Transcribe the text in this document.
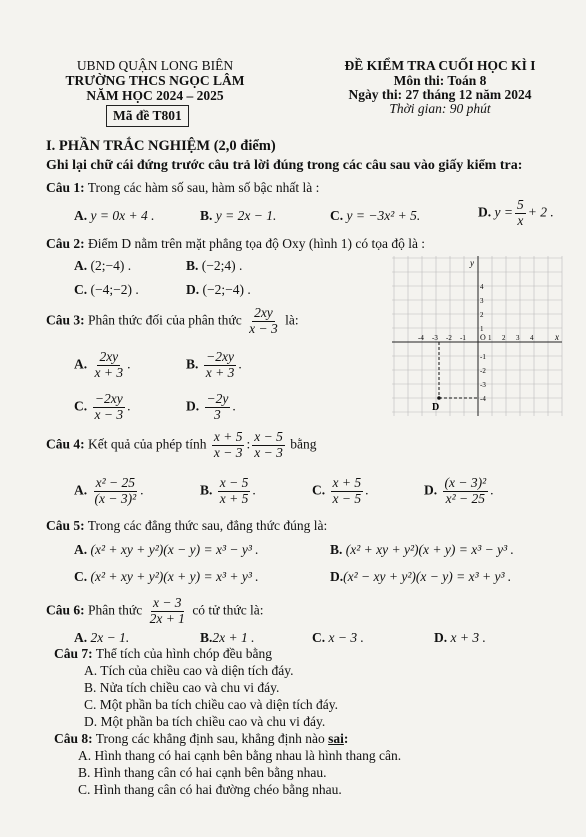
UBND QUẬN LONG BIÊN
TRƯỜNG THCS NGỌC LÂM
NĂM HỌC 2024 – 2025
Mã đề T801
ĐỀ KIỂM TRA CUỐI HỌC KÌ I
Môn thi: Toán 8
Ngày thi: 27 tháng 12 năm 2024
Thời gian: 90 phút
I. PHẦN TRẮC NGHIỆM (2,0 điểm)
Ghi lại chữ cái đứng trước câu trả lời đúng trong các câu sau vào giấy kiểm tra:
Câu 1: Trong các hàm số sau, hàm số bậc nhất là :
A. y = 0x + 4 .	B. y = 2x − 1.	C. y = −3x² + 5.	D. $y = \frac{5}{x} + 2$ .
Câu 2: Điểm D nằm trên mặt phẳng tọa độ Oxy (hình 1) có tọa độ là :
A. (2;−4) .	B. (−2;4) .
C. (−4;−2) .	D. (−2;−4) .
Câu 3: Phân thức đối của phân thức $\frac{2xy}{x - 3}$ là:
A. $\frac{2xy}{x + 3}$ .	B. $\frac{-2xy}{x + 3}$ .
C. $\frac{-2xy}{x - 3}$ .	D. $\frac{-2y}{3}$ .
Câu 4: Kết quả của phép tính $\frac{x + 5}{x - 3}$ : $\frac{x - 5}{x - 3}$ bằng
A. $\frac{\text{x² − 25}}{\text{(x − 3)²}}$ .	B. $\frac{x - 5}{x + 5}$ .	C. $\frac{x + 5}{x - 5}$ .	D. $\frac{\text{(x − 3)²}}{\text{x² − 25}}$ .
Câu 5: Trong các đẳng thức sau, đẳng thức đúng là:
A. (x² + xy + y²)(x − y) = x³ − y³ .	B. (x² + xy + y²)(x + y) = x³ − y³ .
C. (x² + xy + y²)(x + y) = x³ + y³ .	D.(x² − xy + y²)(x − y) = x³ + y³ .
Câu 6: Phân thức $\frac{x - 3}{2x + 1}$ có tử thức là:
A. 2x − 1.	B.2x + 1 .	C. x − 3 .	D. x + 3 .
Câu 7: Thể tích của hình chóp đều bằng
A. Tích của chiều cao và diện tích đáy.
B. Nửa tích chiều cao và chu vi đáy.
C. Một phần ba tích chiều cao và diện tích đáy.
D. Một phần ba tích chiều cao và chu vi đáy.
Câu 8: Trong các khẳng định sau, khẳng định nào sai:
A. Hình thang có hai cạnh bên bằng nhau là hình thang cân.
B. Hình thang cân có hai cạnh bên bằng nhau.
C. Hình thang cân có hai đường chéo bằng nhau.
-4 -3 -2 -1	1 2 3 4
4
3
2
1
-1
-2
-3
-4
D
y
x
O
